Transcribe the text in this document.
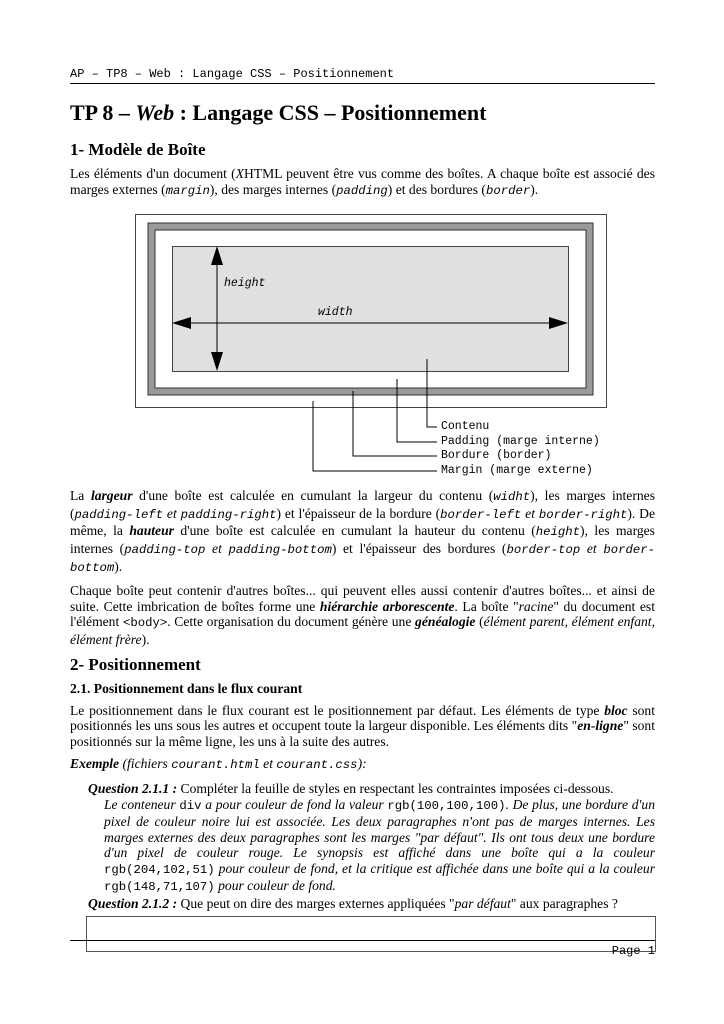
AP – TP8 – Web : Langage CSS – Positionnement
TP 8 – Web : Langage CSS – Positionnement
1- Modèle de Boîte

Les éléments d'un document (XHTML peuvent être vus comme des boîtes. A chaque boîte est associé des marges externes (margin), des marges internes (padding) et des bordures (border).

height
width
Contenu
Padding (marge interne)
Bordure (border)
Margin (marge externe)

La largeur d'une boîte est calculée en cumulant la largeur du contenu (widht), les marges internes (padding-left et padding-right) et l'épaisseur de la bordure (border-left et border-right). De même, la hauteur d'une boîte est calculée en cumulant la hauteur du contenu (height), les marges internes (padding-top et padding-bottom) et l'épaisseur des bordures (border-top et border-bottom).

Chaque boîte peut contenir d'autres boîtes... qui peuvent elles aussi contenir d'autres boîtes... et ainsi de suite. Cette imbrication de boîtes forme une hiérarchie arborescente. La boîte "racine" du document est l'élément <body>. Cette organisation du document génère une généalogie (élément parent, élément enfant, élément frère).

2- Positionnement
2.1. Positionnement dans le flux courant

Le positionnement dans le flux courant est le positionnement par défaut. Les éléments de type bloc sont positionnés les uns sous les autres et occupent toute la largeur disponible. Les éléments dits "en-ligne" sont positionnés sur la même ligne, les uns à la suite des autres.

Exemple (fichiers courant.html et courant.css):

Question 2.1.1 : Compléter la feuille de styles en respectant les contraintes imposées ci-dessous.

Le conteneur div a pour couleur de fond la valeur rgb(100,100,100). De plus, une bordure d'un pixel de couleur noire lui est associée. Les deux paragraphes n'ont pas de marges internes. Les marges externes des deux paragraphes sont les marges "par défaut". Ils ont tous deux une bordure d'un pixel de couleur rouge. Le synopsis est affiché dans une boîte qui a la couleur rgb(204,102,51) pour couleur de fond, et la critique est affichée dans une boîte qui a la couleur rgb(148,71,107) pour couleur de fond.

Question 2.1.2 : Que peut on dire des marges externes appliquées "par défaut" aux paragraphes ?

Page 1
